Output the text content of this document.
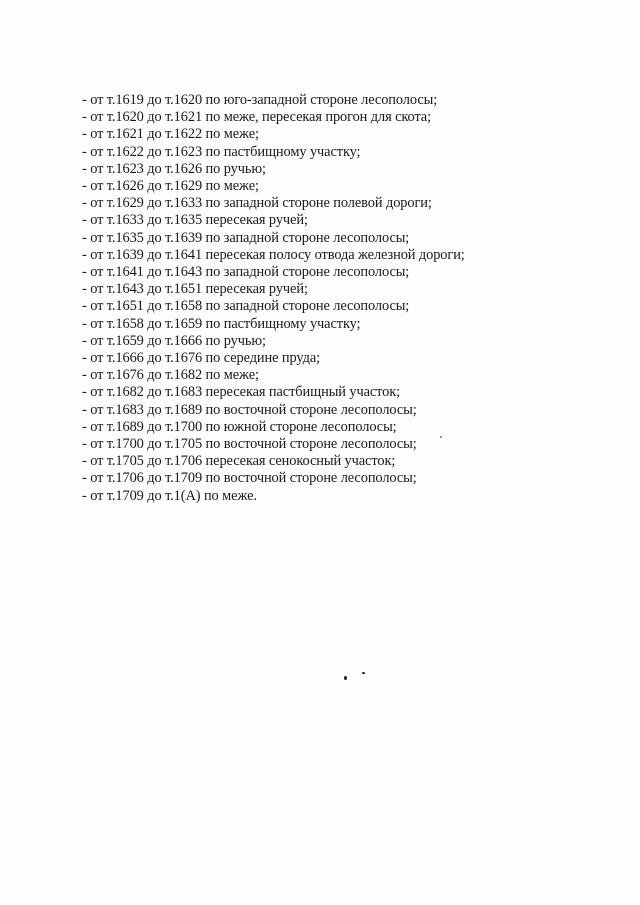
- от т.1619 до т.1620 по юго-западной стороне лесополосы;
- от т.1620 до т.1621 по меже, пересекая прогон для скота;
- от т.1621 до т.1622 по меже;
- от т.1622 до т.1623 по пастбищному участку;
- от т.1623 до т.1626 по ручью;
- от т.1626 до т.1629 по меже;
- от т.1629 до т.1633 по западной стороне полевой дороги;
- от т.1633 до т.1635 пересекая ручей;
- от т.1635 до т.1639 по западной стороне лесополосы;
- от т.1639 до т.1641 пересекая полосу отвода железной дороги;
- от т.1641 до т.1643 по западной стороне лесополосы;
- от т.1643 до т.1651 пересекая ручей;
- от т.1651 до т.1658 по западной стороне лесополосы;
- от т.1658 до т.1659 по пастбищному участку;
- от т.1659 до т.1666 по ручью;
- от т.1666 до т.1676 по середине пруда;
- от т.1676 до т.1682 по меже;
- от т.1682 до т.1683 пересекая пастбищный участок;
- от т.1683 до т.1689 по восточной стороне лесополосы;
- от т.1689 до т.1700 по южной стороне лесополосы;
- от т.1700 до т.1705 по восточной стороне лесополосы;
- от т.1705 до т.1706 пересекая сенокосный участок;
- от т.1706 до т.1709 по восточной стороне лесополосы;
- от т.1709 до т.1(А) по меже.
